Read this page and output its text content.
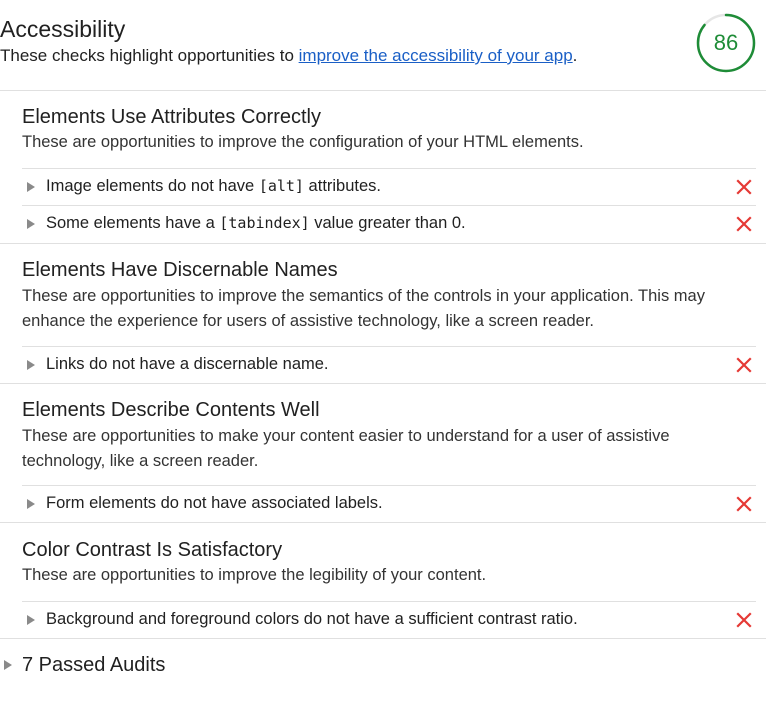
Accessibility
These checks highlight opportunities to improve the accessibility of your app.
86
Elements Use Attributes Correctly
These are opportunities to improve the configuration of your HTML elements.
Image elements do not have [alt] attributes.
Some elements have a [tabindex] value greater than 0.
Elements Have Discernable Names
These are opportunities to improve the semantics of the controls in your application. This may enhance the experience for users of assistive technology, like a screen reader.
Links do not have a discernable name.
Elements Describe Contents Well
These are opportunities to make your content easier to understand for a user of assistive technology, like a screen reader.
Form elements do not have associated labels.
Color Contrast Is Satisfactory
These are opportunities to improve the legibility of your content.
Background and foreground colors do not have a sufficient contrast ratio.
7 Passed Audits
